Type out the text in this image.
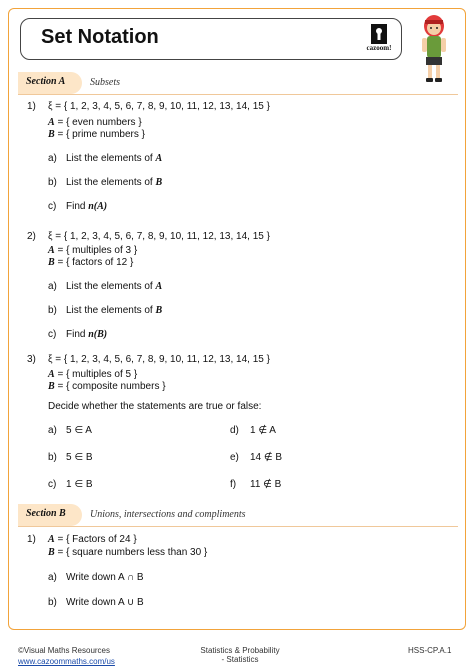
Set Notation	cazoom!
Section A Subsets
1) ξ = { 1, 2, 3, 4, 5, 6, 7, 8, 9, 10, 11, 12, 13, 14, 15 }
A = { even numbers }
B = { prime numbers }
a) List the elements of A
b) List the elements of B
c) Find n(A)
2) ξ = { 1, 2, 3, 4, 5, 6, 7, 8, 9, 10, 11, 12, 13, 14, 15 }
A = { multiples of 3 }
B = { factors of 12 }
a) List the elements of A
b) List the elements of B
c) Find n(B)
3) ξ = { 1, 2, 3, 4, 5, 6, 7, 8, 9, 10, 11, 12, 13, 14, 15 }
A = { multiples of 5 }
B = { composite numbers }
Decide whether the statements are true or false:
a) 5 ∈ A	d) 1 ∉ A
b) 5 ∈ B	e) 14 ∉ B
c) 1 ∈ B	f) 11 ∉ B
Section B Unions, intersections and compliments
1) A = { Factors of 24 }
B = { square numbers less than 30 }
a) Write down A ∩ B
b) Write down A ∪ B
©Visual Maths Resources
www.cazoommaths.com/us
Statistics & Probability
- Statistics
HSS-CP.A.1
